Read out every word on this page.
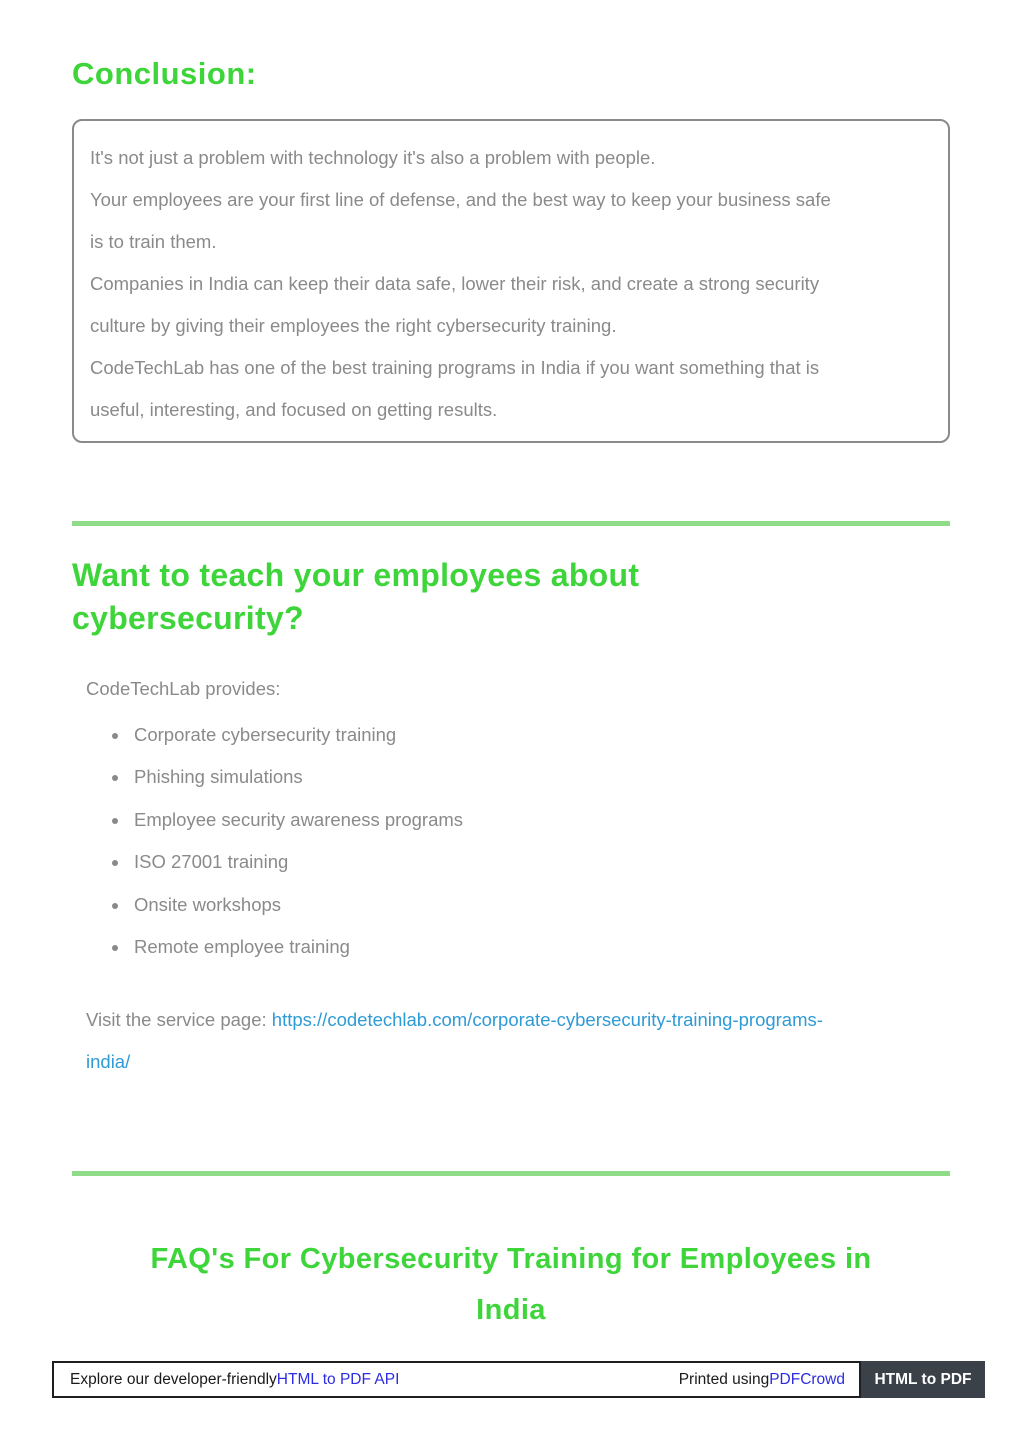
Conclusion:
It's not just a problem with technology it's also a problem with people.
Your employees are your first line of defense, and the best way to keep your business safe
is to train them.
Companies in India can keep their data safe, lower their risk, and create a strong security
culture by giving their employees the right cybersecurity training.
CodeTechLab has one of the best training programs in India if you want something that is
useful, interesting, and focused on getting results.
Want to teach your employees about
cybersecurity?

CodeTechLab provides:

• Corporate cybersecurity training
• Phishing simulations
• Employee security awareness programs
• ISO 27001 training
• Onsite workshops
• Remote employee training

Visit the service page: https://codetechlab.com/corporate-cybersecurity-training-programs-
india/

FAQ's For Cybersecurity Training for Employees in
India
Explore our developer-friendly HTML to PDF API	Printed using PDFCrowd	HTML to PDF
